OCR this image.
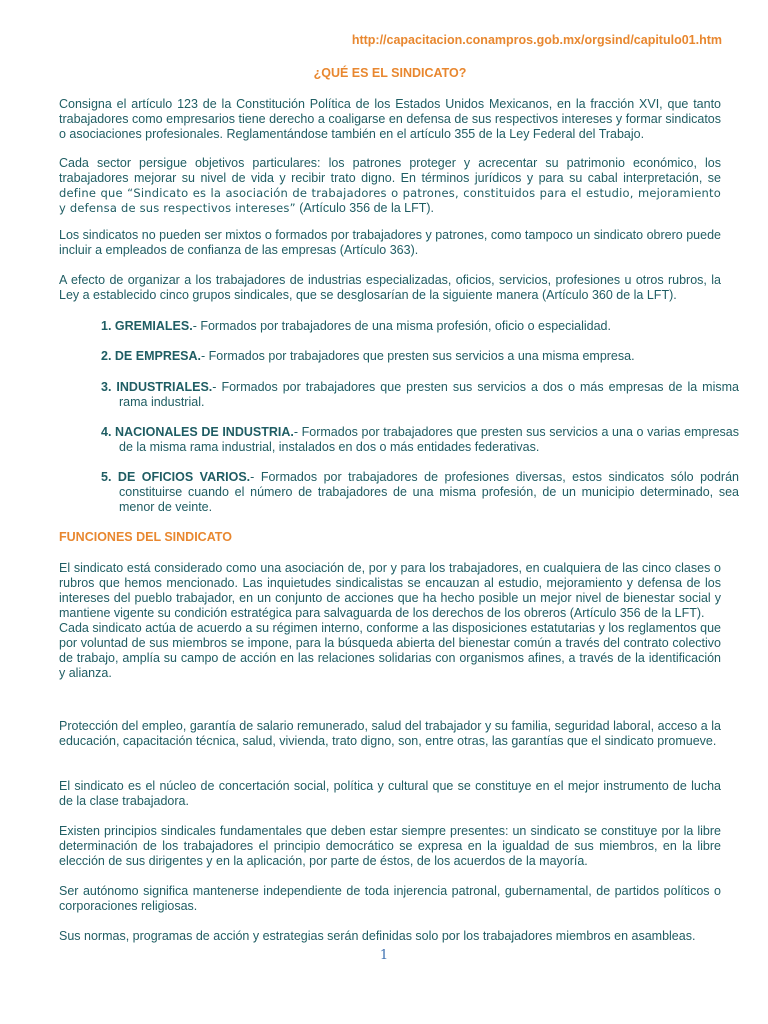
http://capacitacion.conampros.gob.mx/orgsind/capitulo01.htm
¿QUÉ ES EL SINDICATO?

Consigna el artículo 123 de la Constitución Política de los Estados Unidos Mexicanos, en la fracción XVI, que tanto trabajadores como empresarios tiene derecho a coaligarse en defensa de sus respectivos intereses y formar sindicatos o asociaciones profesionales. Reglamentándose también en el artículo 355 de la Ley Federal del Trabajo.

Cada sector persigue objetivos particulares: los patrones proteger y acrecentar su patrimonio económico, los trabajadores mejorar su nivel de vida y recibir trato digno. En términos jurídicos y para su cabal interpretación, se define que “Sindicato es la asociación de trabajadores o patrones, constituidos para el estudio, mejoramiento y defensa de sus respectivos intereses” (Artículo 356 de la LFT).

Los sindicatos no pueden ser mixtos o formados por trabajadores y patrones, como tampoco un sindicato obrero puede incluir a empleados de confianza de las empresas (Artículo 363).

A efecto de organizar a los trabajadores de industrias especializadas, oficios, servicios, profesiones u otros rubros, la Ley a establecido cinco grupos sindicales, que se desglosarían de la siguiente manera (Artículo 360 de la LFT).

1. GREMIALES.- Formados por trabajadores de una misma profesión, oficio o especialidad.

2. DE EMPRESA.- Formados por trabajadores que presten sus servicios a una misma empresa.

3. INDUSTRIALES.- Formados por trabajadores que presten sus servicios a dos o más empresas de la misma rama industrial.

4. NACIONALES DE INDUSTRIA.- Formados por trabajadores que presten sus servicios a una o varias empresas de la misma rama industrial, instalados en dos o más entidades federativas.

5. DE OFICIOS VARIOS.- Formados por trabajadores de profesiones diversas, estos sindicatos sólo podrán constituirse cuando el número de trabajadores de una misma profesión, de un municipio determinado, sea menor de veinte.

FUNCIONES DEL SINDICATO

El sindicato está considerado como una asociación de, por y para los trabajadores, en cualquiera de las cinco clases o rubros que hemos mencionado. Las inquietudes sindicalistas se encauzan al estudio, mejoramiento y defensa de los intereses del pueblo trabajador, en un conjunto de acciones que ha hecho posible un mejor nivel de bienestar social y mantiene vigente su condición estratégica para salvaguarda de los derechos de los obreros (Artículo 356 de la LFT).

Cada sindicato actúa de acuerdo a su régimen interno, conforme a las disposiciones estatutarias y los reglamentos que por voluntad de sus miembros se impone, para la búsqueda abierta del bienestar común a través del contrato colectivo de trabajo, amplía su campo de acción en las relaciones solidarias con organismos afines, a través de la identificación y alianza.

Protección del empleo, garantía de salario remunerado, salud del trabajador y su familia, seguridad laboral, acceso a la educación, capacitación técnica, salud, vivienda, trato digno, son, entre otras, las garantías que el sindicato promueve.

El sindicato es el núcleo de concertación social, política y cultural que se constituye en el mejor instrumento de lucha de la clase trabajadora.

Existen principios sindicales fundamentales que deben estar siempre presentes: un sindicato se constituye por la libre determinación de los trabajadores el principio democrático se expresa en la igualdad de sus miembros, en la libre elección de sus dirigentes y en la aplicación, por parte de éstos, de los acuerdos de la mayoría.

Ser autónomo significa mantenerse independiente de toda injerencia patronal, gubernamental, de partidos políticos o corporaciones religiosas.

Sus normas, programas de acción y estrategias serán definidas solo por los trabajadores miembros en asambleas.

1
